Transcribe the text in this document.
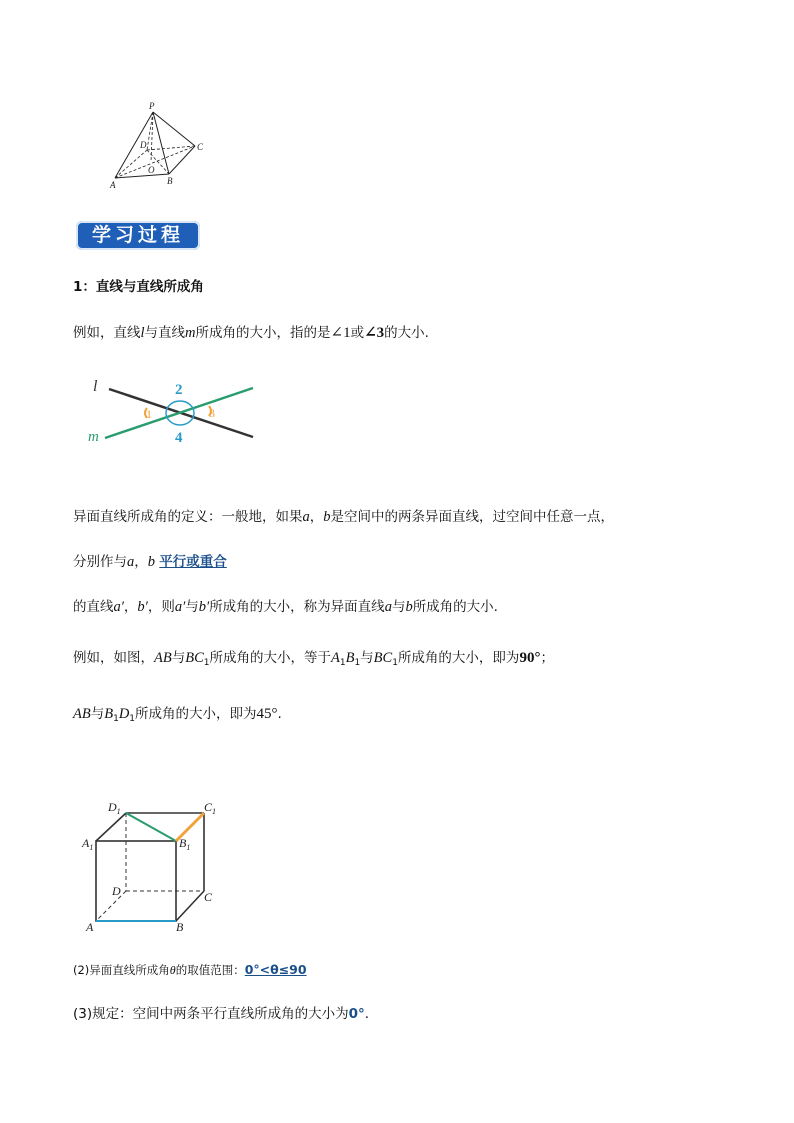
P
D	C
O
A	B
学习过程
1：直线与直线所成角
例如，直线l与直线m所成角的大小，指的是∠1或∠3的大小.
l
m
1
2
3
4
异面直线所成角的定义：一般地，如果a，b是空间中的两条异面直线，过空间中任意一点，
分别作与a，b 平行或重合
的直线a′，b′，则a′与b′所成角的大小，称为异面直线a与b所成角的大小.
例如，如图，AB与$BC_1$所成角的大小，等于$A_1B_1$与$BC_1$所成角的大小，即为90°；
AB与$B_1D_1$所成角的大小，即为45°.
$D_1$	$C_1$
$A_1$	$B_1$
D	C
A	B
(2)异面直线所成角θ的取值范围：0°<θ≤90
(3)规定：空间中两条平行直线所成角的大小为0°.
